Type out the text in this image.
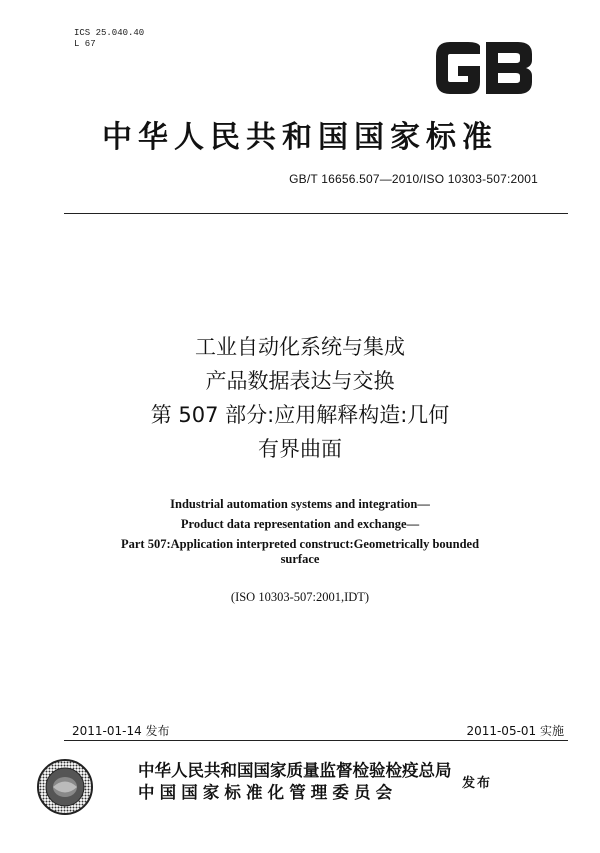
ICS 25.040.40
L 67
中华人民共和国国家标准
GB/T 16656.507—2010/ISO 10303-507:2001
工业自动化系统与集成
产品数据表达与交换
第 507 部分:应用解释构造:几何
有界曲面
Industrial automation systems and integration—
Product data representation and exchange—
Part 507:Application interpreted construct:Geometrically bounded
surface
(ISO 10303-507:2001,IDT)
2011-01-14 发布	2011-05-01 实施
中华人民共和国国家质量监督检验检疫总局
中国国家标准化管理委员会	发布
